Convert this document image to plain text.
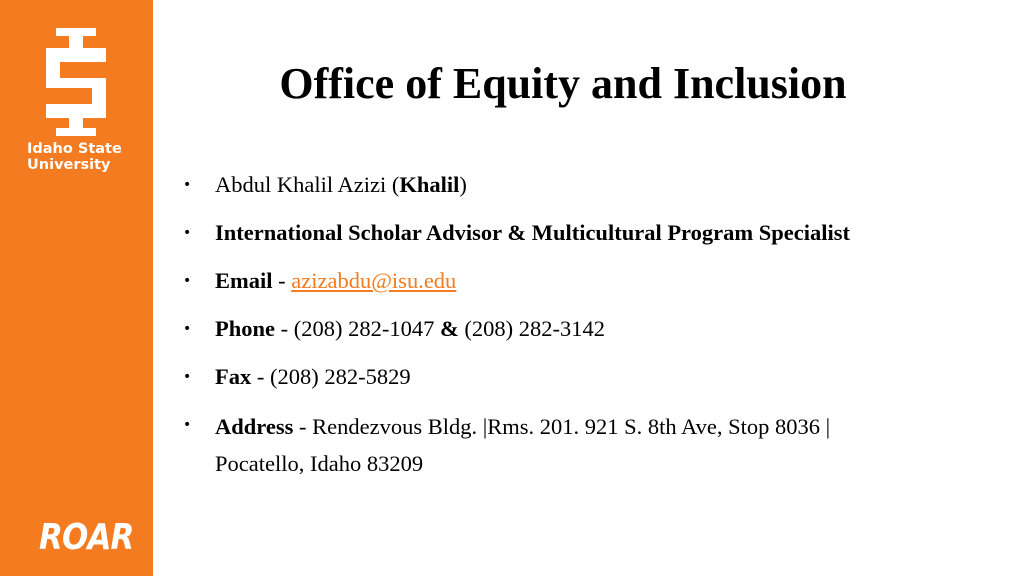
Idaho State
University
ROAR
Office of Equity and Inclusion
• Abdul Khalil Azizi (Khalil)
• International Scholar Advisor & Multicultural Program Specialist
• Email - azizabdu@isu.edu
• Phone - (208) 282-1047 & (208) 282-3142
• Fax - (208) 282-5829
• Address - Rendezvous Bldg. |Rms. 201. 921 S. 8th Ave, Stop 8036 |
Pocatello, Idaho 83209
